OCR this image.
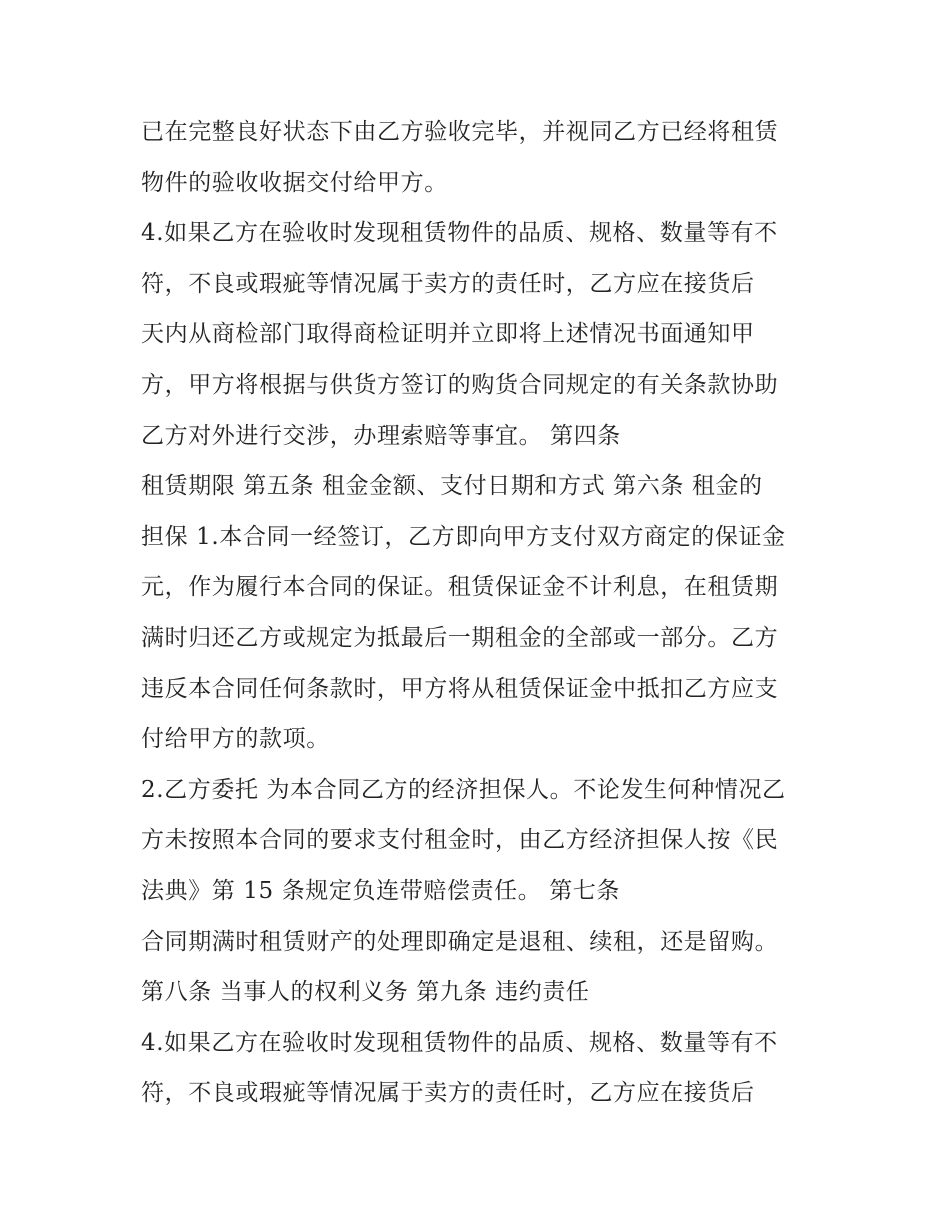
已在完整良好状态下由乙方验收完毕，并视同乙方已经将租赁
物件的验收收据交付给甲方。
4.如果乙方在验收时发现租赁物件的品质、规格、数量等有不
符，不良或瑕疵等情况属于卖方的责任时，乙方应在接货后
天内从商检部门取得商检证明并立即将上述情况书面通知甲
方，甲方将根据与供货方签订的购货合同规定的有关条款协助
乙方对外进行交涉，办理索赔等事宜。 第四条
租赁期限 第五条 租金金额、支付日期和方式 第六条 租金的
担保 1.本合同一经签订，乙方即向甲方支付双方商定的保证金
元，作为履行本合同的保证。租赁保证金不计利息，在租赁期
满时归还乙方或规定为抵最后一期租金的全部或一部分。乙方
违反本合同任何条款时，甲方将从租赁保证金中抵扣乙方应支
付给甲方的款项。
2.乙方委托 为本合同乙方的经济担保人。不论发生何种情况乙
方未按照本合同的要求支付租金时，由乙方经济担保人按《民
法典》第 15 条规定负连带赔偿责任。 第七条
合同期满时租赁财产的处理即确定是退租、续租，还是留购。
第八条 当事人的权利义务 第九条 违约责任
4.如果乙方在验收时发现租赁物件的品质、规格、数量等有不
符，不良或瑕疵等情况属于卖方的责任时，乙方应在接货后
